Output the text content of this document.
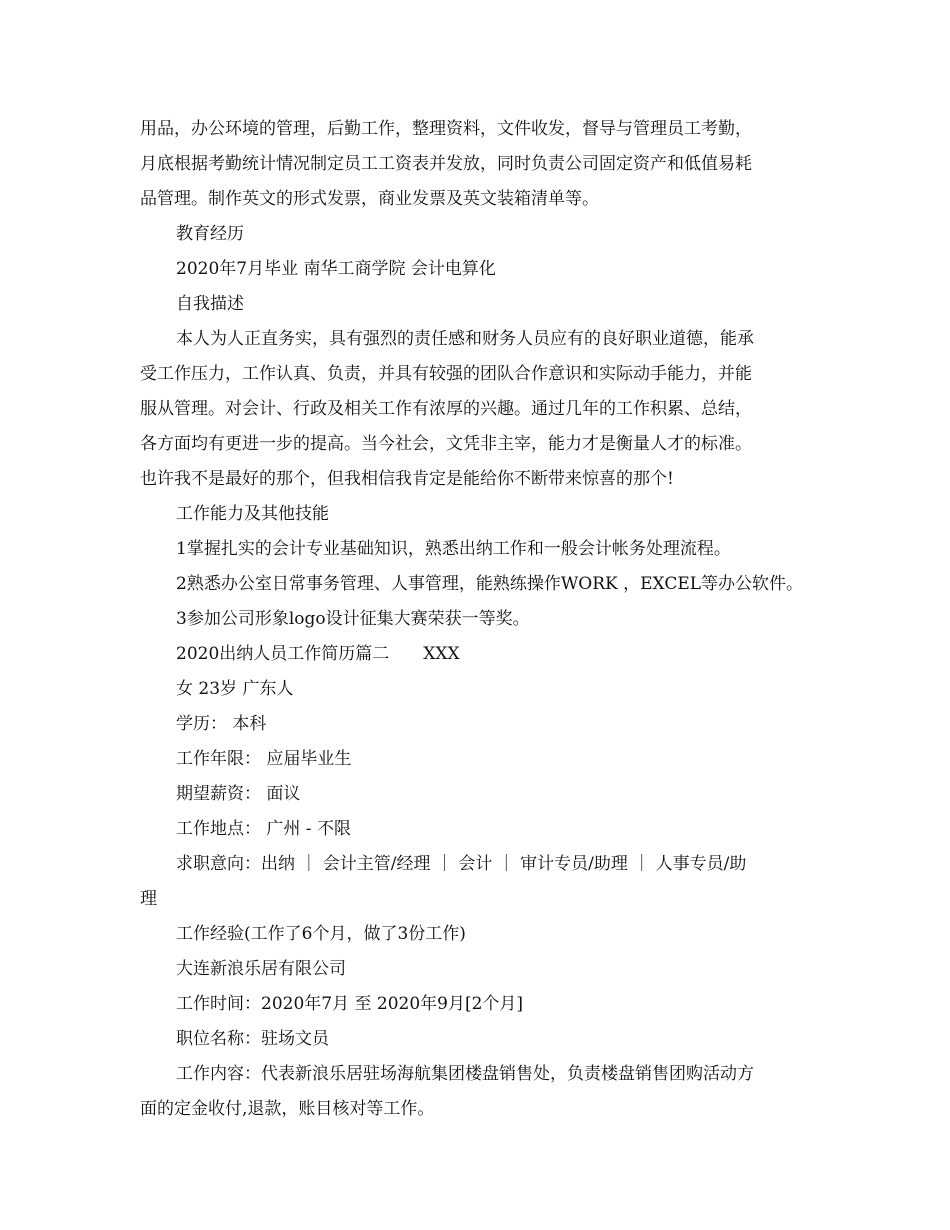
用品，办公环境的管理，后勤工作，整理资料，文件收发，督导与管理员工考勤，
月底根据考勤统计情况制定员工工资表并发放，同时负责公司固定资产和低值易耗
品管理。制作英文的形式发票，商业发票及英文装箱清单等。
教育经历
2020年7月毕业 南华工商学院 会计电算化
自我描述
本人为人正直务实，具有强烈的责任感和财务人员应有的良好职业道德，能承
受工作压力，工作认真、负责，并具有较强的团队合作意识和实际动手能力，并能
服从管理。对会计、行政及相关工作有浓厚的兴趣。通过几年的工作积累、总结，
各方面均有更进一步的提高。当今社会，文凭非主宰，能力才是衡量人才的标准。
也许我不是最好的那个，但我相信我肯定是能给你不断带来惊喜的那个!
工作能力及其他技能
1掌握扎实的会计专业基础知识，熟悉出纳工作和一般会计帐务处理流程。
2熟悉办公室日常事务管理、人事管理，能熟练操作WORK ，EXCEL等办公软件。
3参加公司形象logo设计征集大赛荣获一等奖。
2020出纳人员工作简历篇二　　XXX
女 23岁 广东人
学历： 本科
工作年限： 应届毕业生
期望薪资： 面议
工作地点： 广州 - 不限
求职意向：出纳 ｜ 会计主管/经理 ｜ 会计 ｜ 审计专员/助理 ｜ 人事专员/助
理
工作经验(工作了6个月，做了3份工作)
大连新浪乐居有限公司
工作时间：2020年7月 至 2020年9月[2个月]
职位名称：驻场文员
工作内容：代表新浪乐居驻场海航集团楼盘销售处，负责楼盘销售团购活动方
面的定金收付,退款，账目核对等工作。
